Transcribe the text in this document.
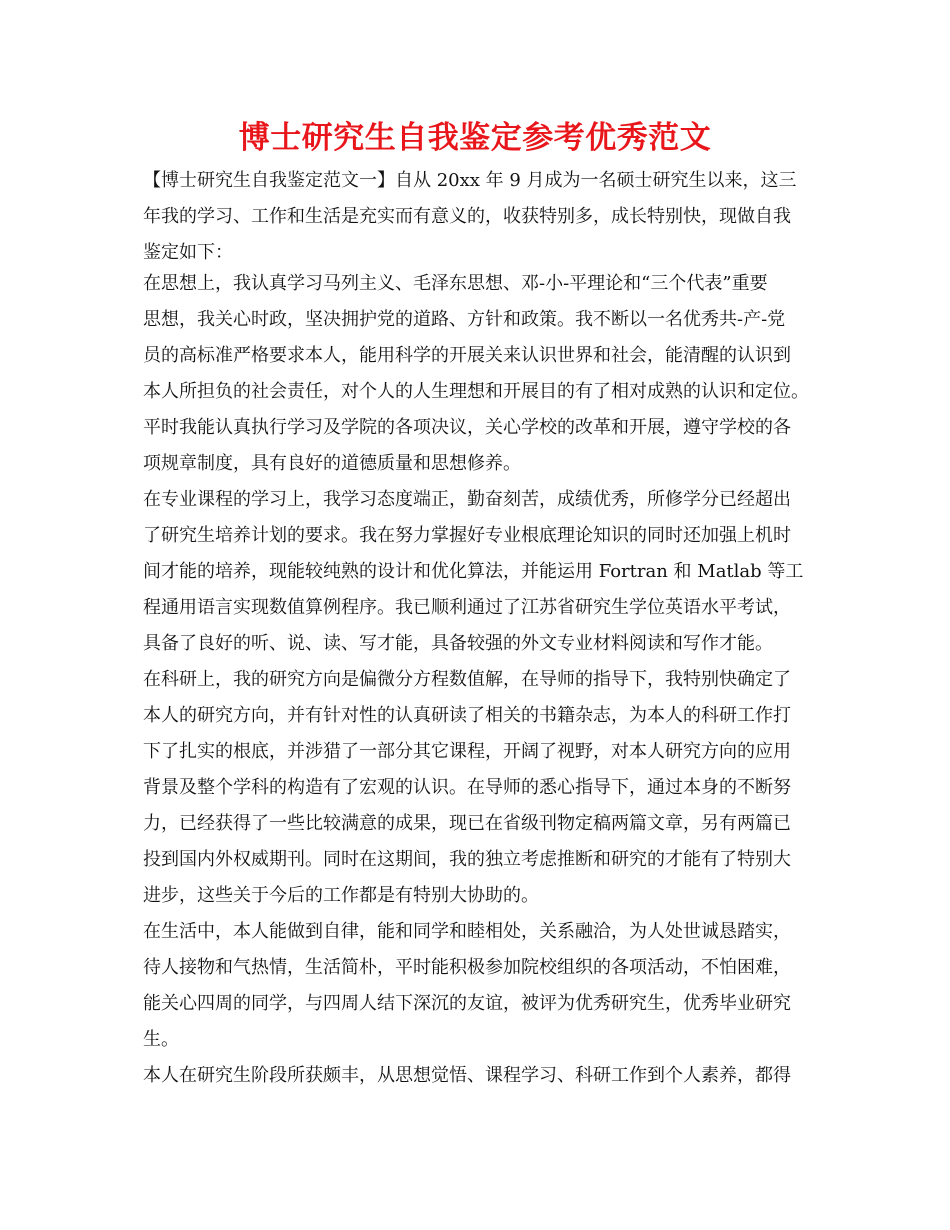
博士研究生自我鉴定参考优秀范文
【博士研究生自我鉴定范文一】自从 20xx 年 9 月成为一名硕士研究生以来，这三
年我的学习、工作和生活是充实而有意义的，收获特别多，成长特别快，现做自我
鉴定如下：
在思想上，我认真学习马列主义、毛泽东思想、邓-小-平理论和“三个代表”重要
思想，我关心时政，坚决拥护党的道路、方针和政策。我不断以一名优秀共-产-党
员的高标准严格要求本人，能用科学的开展关来认识世界和社会，能清醒的认识到
本人所担负的社会责任，对个人的人生理想和开展目的有了相对成熟的认识和定位。
平时我能认真执行学习及学院的各项决议，关心学校的改革和开展，遵守学校的各
项规章制度，具有良好的道德质量和思想修养。
在专业课程的学习上，我学习态度端正，勤奋刻苦，成绩优秀，所修学分已经超出
了研究生培养计划的要求。我在努力掌握好专业根底理论知识的同时还加强上机时
间才能的培养，现能较纯熟的设计和优化算法，并能运用 Fortran 和 Matlab 等工
程通用语言实现数值算例程序。我已顺利通过了江苏省研究生学位英语水平考试，
具备了良好的听、说、读、写才能，具备较强的外文专业材料阅读和写作才能。
在科研上，我的研究方向是偏微分方程数值解，在导师的指导下，我特别快确定了
本人的研究方向，并有针对性的认真研读了相关的书籍杂志，为本人的科研工作打
下了扎实的根底，并涉猎了一部分其它课程，开阔了视野，对本人研究方向的应用
背景及整个学科的构造有了宏观的认识。在导师的悉心指导下，通过本身的不断努
力，已经获得了一些比较满意的成果，现已在省级刊物定稿两篇文章，另有两篇已
投到国内外权威期刊。同时在这期间，我的独立考虑推断和研究的才能有了特别大
进步，这些关于今后的工作都是有特别大协助的。
在生活中，本人能做到自律，能和同学和睦相处，关系融洽，为人处世诚恳踏实，
待人接物和气热情，生活简朴，平时能积极参加院校组织的各项活动，不怕困难，
能关心四周的同学，与四周人结下深沉的友谊，被评为优秀研究生，优秀毕业研究
生。
本人在研究生阶段所获颇丰，从思想觉悟、课程学习、科研工作到个人素养，都得
